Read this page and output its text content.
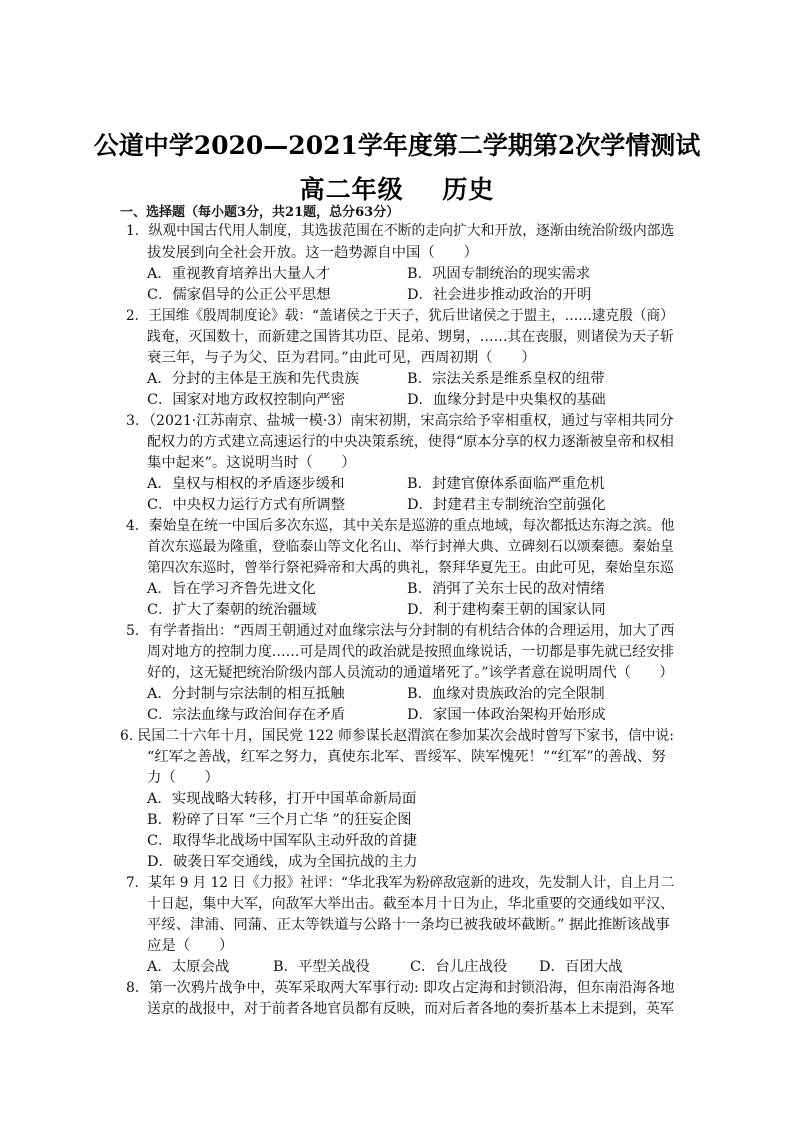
公道中学2020—2021学年度第二学期第2次学情测试
高二年级    历史
一、选择题（每小题3分，共21题，总分63分）
1．纵观中国古代用人制度，其选拔范围在不断的走向扩大和开放，逐渐由统治阶级内部选
拔发展到向全社会开放。这一趋势源自中国（　　）
A．重视教育培养出大量人才	B．巩固专制统治的现实需求
C．儒家倡导的公正公平思想	D．社会进步推动政治的开明
2．王国维《殷周制度论》载：“盖诸侯之于天子，犹后世诸侯之于盟主，……逮克殷（商）
践奄，灭国数十，而新建之国皆其功臣、昆弟、甥舅，……其在丧服，则诸侯为天子斩
衰三年，与子为父、臣为君同。”由此可见，西周初期（　　）
A．分封的主体是王族和先代贵族	B．宗法关系是维系皇权的纽带
C．国家对地方政权控制向严密	D．血缘分封是中央集权的基础
3．（2021·江苏南京、盐城一模·3）南宋初期，宋高宗给予宰相重权，通过与宰相共同分
配权力的方式建立高速运行的中央决策系统，使得“原本分享的权力逐渐被皇帝和权相
集中起来”。这说明当时（　　）
A．皇权与相权的矛盾逐步缓和	B．封建官僚体系面临严重危机
C．中央权力运行方式有所调整	D．封建君主专制统治空前强化
4．秦始皇在统一中国后多次东巡，其中关东是巡游的重点地域，每次都抵达东海之滨。他
首次东巡最为隆重，登临泰山等文化名山、举行封禅大典、立碑刻石以颂秦德。秦始皇
第四次东巡时，曾举行祭祀舜帝和大禹的典礼，祭拜华夏先王。由此可见，秦始皇东巡
A．旨在学习齐鲁先进文化	B．消弭了关东士民的敌对情绪
C．扩大了秦朝的统治疆域	D．利于建构秦王朝的国家认同
5．有学者指出：“西周王朝通过对血缘宗法与分封制的有机结合体的合理运用，加大了西
周对地方的控制力度……可是周代的政治就是按照血缘说话，一切都是事先就已经安排
好的，这无疑把统治阶级内部人员流动的通道堵死了。”该学者意在说明周代（　　）
A．分封制与宗法制的相互抵触	B．血缘对贵族政治的完全限制
C．宗法血缘与政治间存在矛盾	D．家国一体政治架构开始形成
6. 民国二十六年十月，国民党 122 师参谋长赵渭滨在参加某次会战时曾写下家书，信中说:
“红军之善战，红军之努力，真使东北军、晋绥军、陕军愧死！”“红军”的善战、努
力（　　）
A．实现战略大转移，打开中国革命新局面
B．粉碎了日军 “三个月亡华 ”的狂妄企图
C．取得华北战场中国军队主动歼敌的首捷
D．破袭日军交通线，成为全国抗战的主力
7．某年 9 月 12 日《力报》社评：“华北我军为粉碎敌寇新的进攻，先发制人计，自上月二
十日起，集中大军，向敌军大举出击。截至本月十日为止，华北重要的交通线如平汉、
平绥、津浦、同蒲、正太等铁道与公路十一条均已被我破坏截断。” 据此推断该战事
应是（　　）
A．太原会战	B．平型关战役	C．台儿庄战役 D．百团大战
8．第一次鸦片战争中，英军采取两大军事行动: 即攻占定海和封锁沿海，但东南沿海各地
送京的战报中，对于前者各地官员都有反映，而对后者各地的奏折基本上未提到，英军
